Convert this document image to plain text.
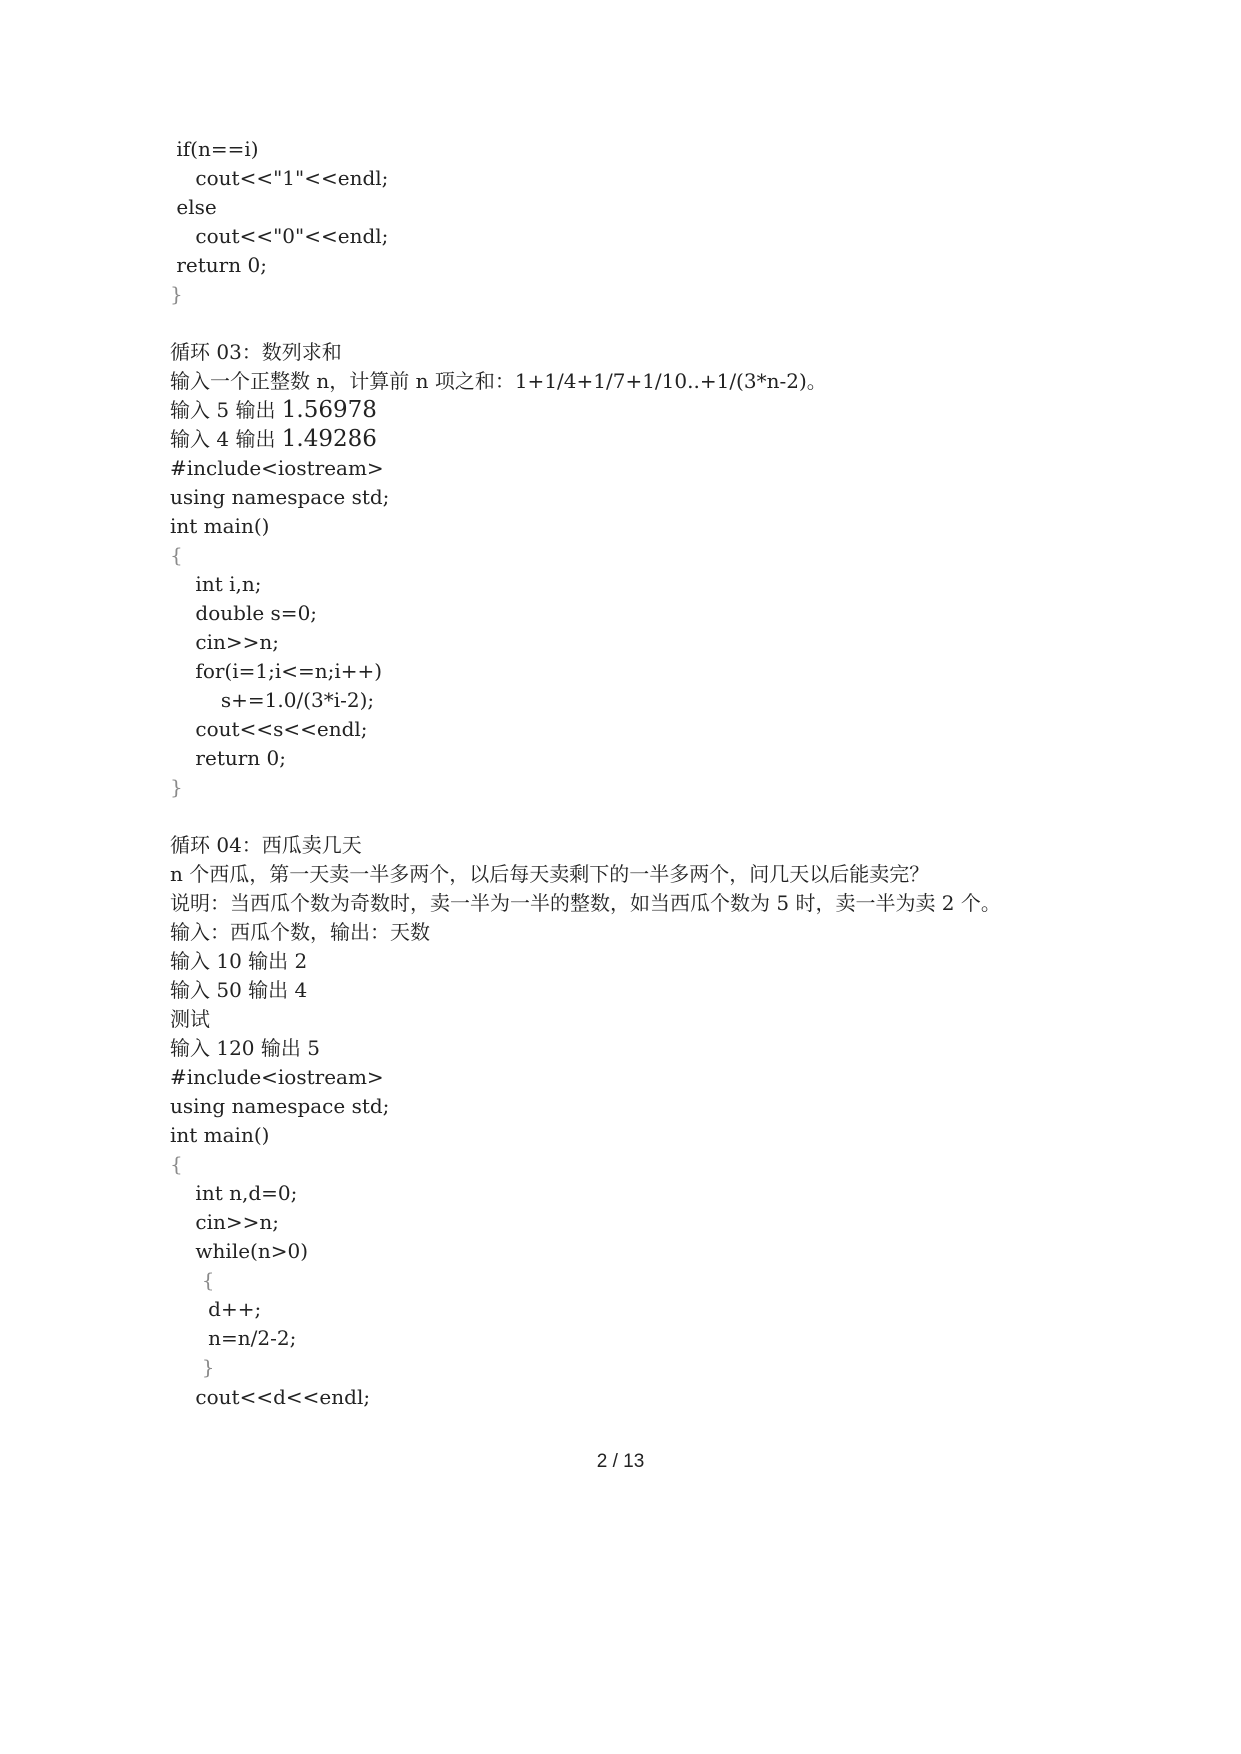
if(n==i)
cout<<"1"<<endl;
else
cout<<"0"<<endl;
return 0;
}
循环 03：数列求和
输入一个正整数 n，计算前 n 项之和：1+1/4+1/7+1/10..+1/(3*n-2)。
输入 5 输出 1.56978
输入 4 输出 1.49286
#include<iostream>
using namespace std;
int main()
{
int i,n;
double s=0;
cin>>n;
for(i=1;i<=n;i++)
s+=1.0/(3*i-2);
cout<<s<<endl;
return 0;
}
循环 04：西瓜卖几天
n 个西瓜，第一天卖一半多两个，以后每天卖剩下的一半多两个，问几天以后能卖完？
说明：当西瓜个数为奇数时，卖一半为一半的整数，如当西瓜个数为 5 时，卖一半为卖 2 个。
输入：西瓜个数，输出：天数
输入 10 输出 2
输入 50 输出 4
测试
输入 120 输出 5
#include<iostream>
using namespace std;
int main()
{
int n,d=0;
cin>>n;
while(n>0)
{
d++;
n=n/2-2;
}
cout<<d<<endl;
2 / 13
